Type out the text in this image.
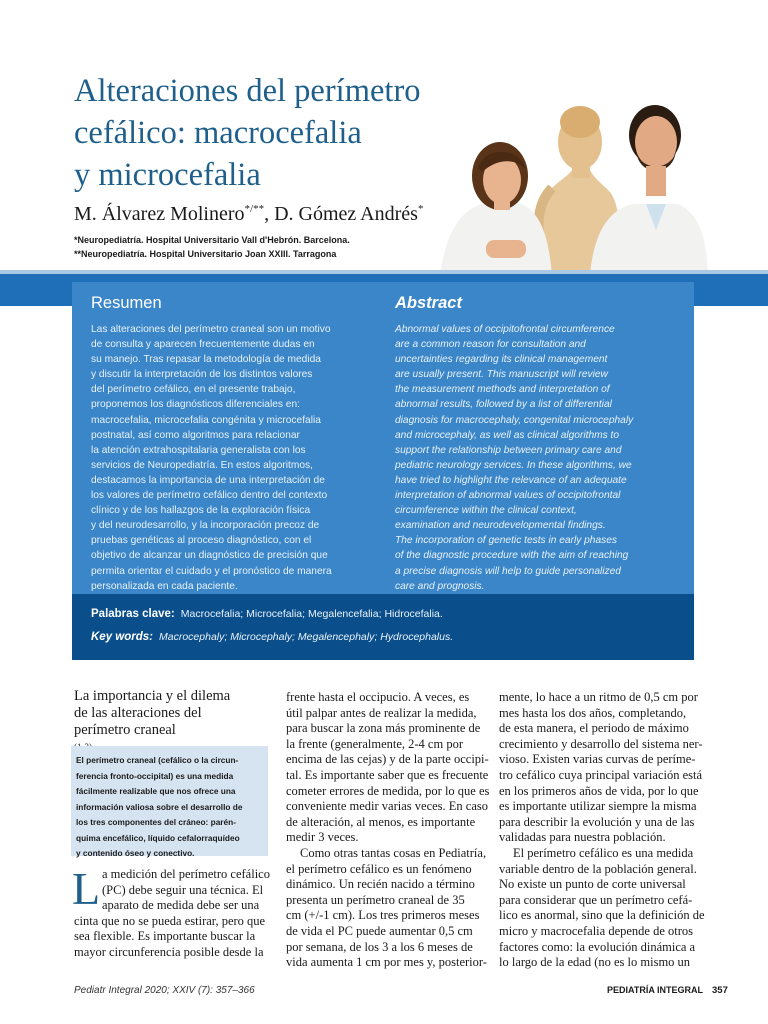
Alteraciones del perímetro
cefálico: macrocefalia
y microcefalia
M. Álvarez Molinero*/**, D. Gómez Andrés*
*Neuropediatría. Hospital Universitario Vall d'Hebrón. Barcelona.
**Neuropediatría. Hospital Universitario Joan XXIII. Tarragona
Resumen	Abstract
Las alteraciones del perímetro craneal son un motivo
de consulta y aparecen frecuentemente dudas en
su manejo. Tras repasar la metodología de medida
y discutir la interpretación de los distintos valores
del perímetro cefálico, en el presente trabajo,
proponemos los diagnósticos diferenciales en:
macrocefalia, microcefalia congénita y microcefalia
postnatal, así como algoritmos para relacionar
la atención extrahospitalaria generalista con los
servicios de Neuropediatría. En estos algoritmos,
destacamos la importancia de una interpretación de
los valores de perímetro cefálico dentro del contexto
clínico y de los hallazgos de la exploración física
y del neurodesarrollo, y la incorporación precoz de
pruebas genéticas al proceso diagnóstico, con el
objetivo de alcanzar un diagnóstico de precisión que
permita orientar el cuidado y el pronóstico de manera
personalizada en cada paciente.
Abnormal values of occipitofrontal circumference
are a common reason for consultation and
uncertainties regarding its clinical management
are usually present. This manuscript will review
the measurement methods and interpretation of
abnormal results, followed by a list of differential
diagnosis for macrocephaly, congenital microcephaly
and microcephaly, as well as clinical algorithms to
support the relationship between primary care and
pediatric neurology services. In these algorithms, we
have tried to highlight the relevance of an adequate
interpretation of abnormal values of occipitofrontal
circumference within the clinical context,
examination and neurodevelopmental findings.
The incorporation of genetic tests in early phases
of the diagnostic procedure with the aim of reaching
a precise diagnosis will help to guide personalized
care and prognosis.
Palabras clave: Macrocefalia; Microcefalia; Megalencefalia; Hidrocefalia.
Key words: Macrocephaly; Microcephaly; Megalencephaly; Hydrocephalus.
La importancia y el dilema
de las alteraciones del
perímetro craneal
El perímetro craneal (cefálico o la circun-
ferencia fronto-occipital) es una medida
fácilmente realizable que nos ofrece una
información valiosa sobre el desarrollo de
los tres componentes del cráneo: parén-
quima encefálico, líquido cefalorraquídeo
y contenido óseo y conectivo.
L a medición del perímetro cefálico
(PC) debe seguir una técnica. El
aparato de medida debe ser una
cinta que no se pueda estirar, pero que
sea flexible. Es importante buscar la
mayor circunferencia posible desde la
frente hasta el occipucio. A veces, es
útil palpar antes de realizar la medida,
para buscar la zona más prominente de
la frente (generalmente, 2-4 cm por
encima de las cejas) y de la parte occipi-
tal. Es importante saber que es frecuente
cometer errores de medida, por lo que es
conveniente medir varias veces. En caso
de alteración, al menos, es importante
medir 3 veces.
Como otras tantas cosas en Pediatría,
el perímetro cefálico es un fenómeno
dinámico. Un recién nacido a término
presenta un perímetro craneal de 35
cm (+/-1 cm). Los tres primeros meses
de vida el PC puede aumentar 0,5 cm
por semana, de los 3 a los 6 meses de
vida aumenta 1 cm por mes y, posterior-
mente, lo hace a un ritmo de 0,5 cm por
mes hasta los dos años, completando,
de esta manera, el periodo de máximo
crecimiento y desarrollo del sistema ner-
vioso. Existen varias curvas de períme-
tro cefálico cuya principal variación está
en los primeros años de vida, por lo que
es importante utilizar siempre la misma
para describir la evolución y una de las
validadas para nuestra población.
El perímetro cefálico es una medida
variable dentro de la población general.
No existe un punto de corte universal
para considerar que un perímetro cefá-
lico es anormal, sino que la definición de
micro y macrocefalia depende de otros
factores como: la evolución dinámica a
lo largo de la edad (no es lo mismo un
Pediatr Integral 2020; XXIV (7): 357–366	PEDIATRÍA INTEGRAL 357
